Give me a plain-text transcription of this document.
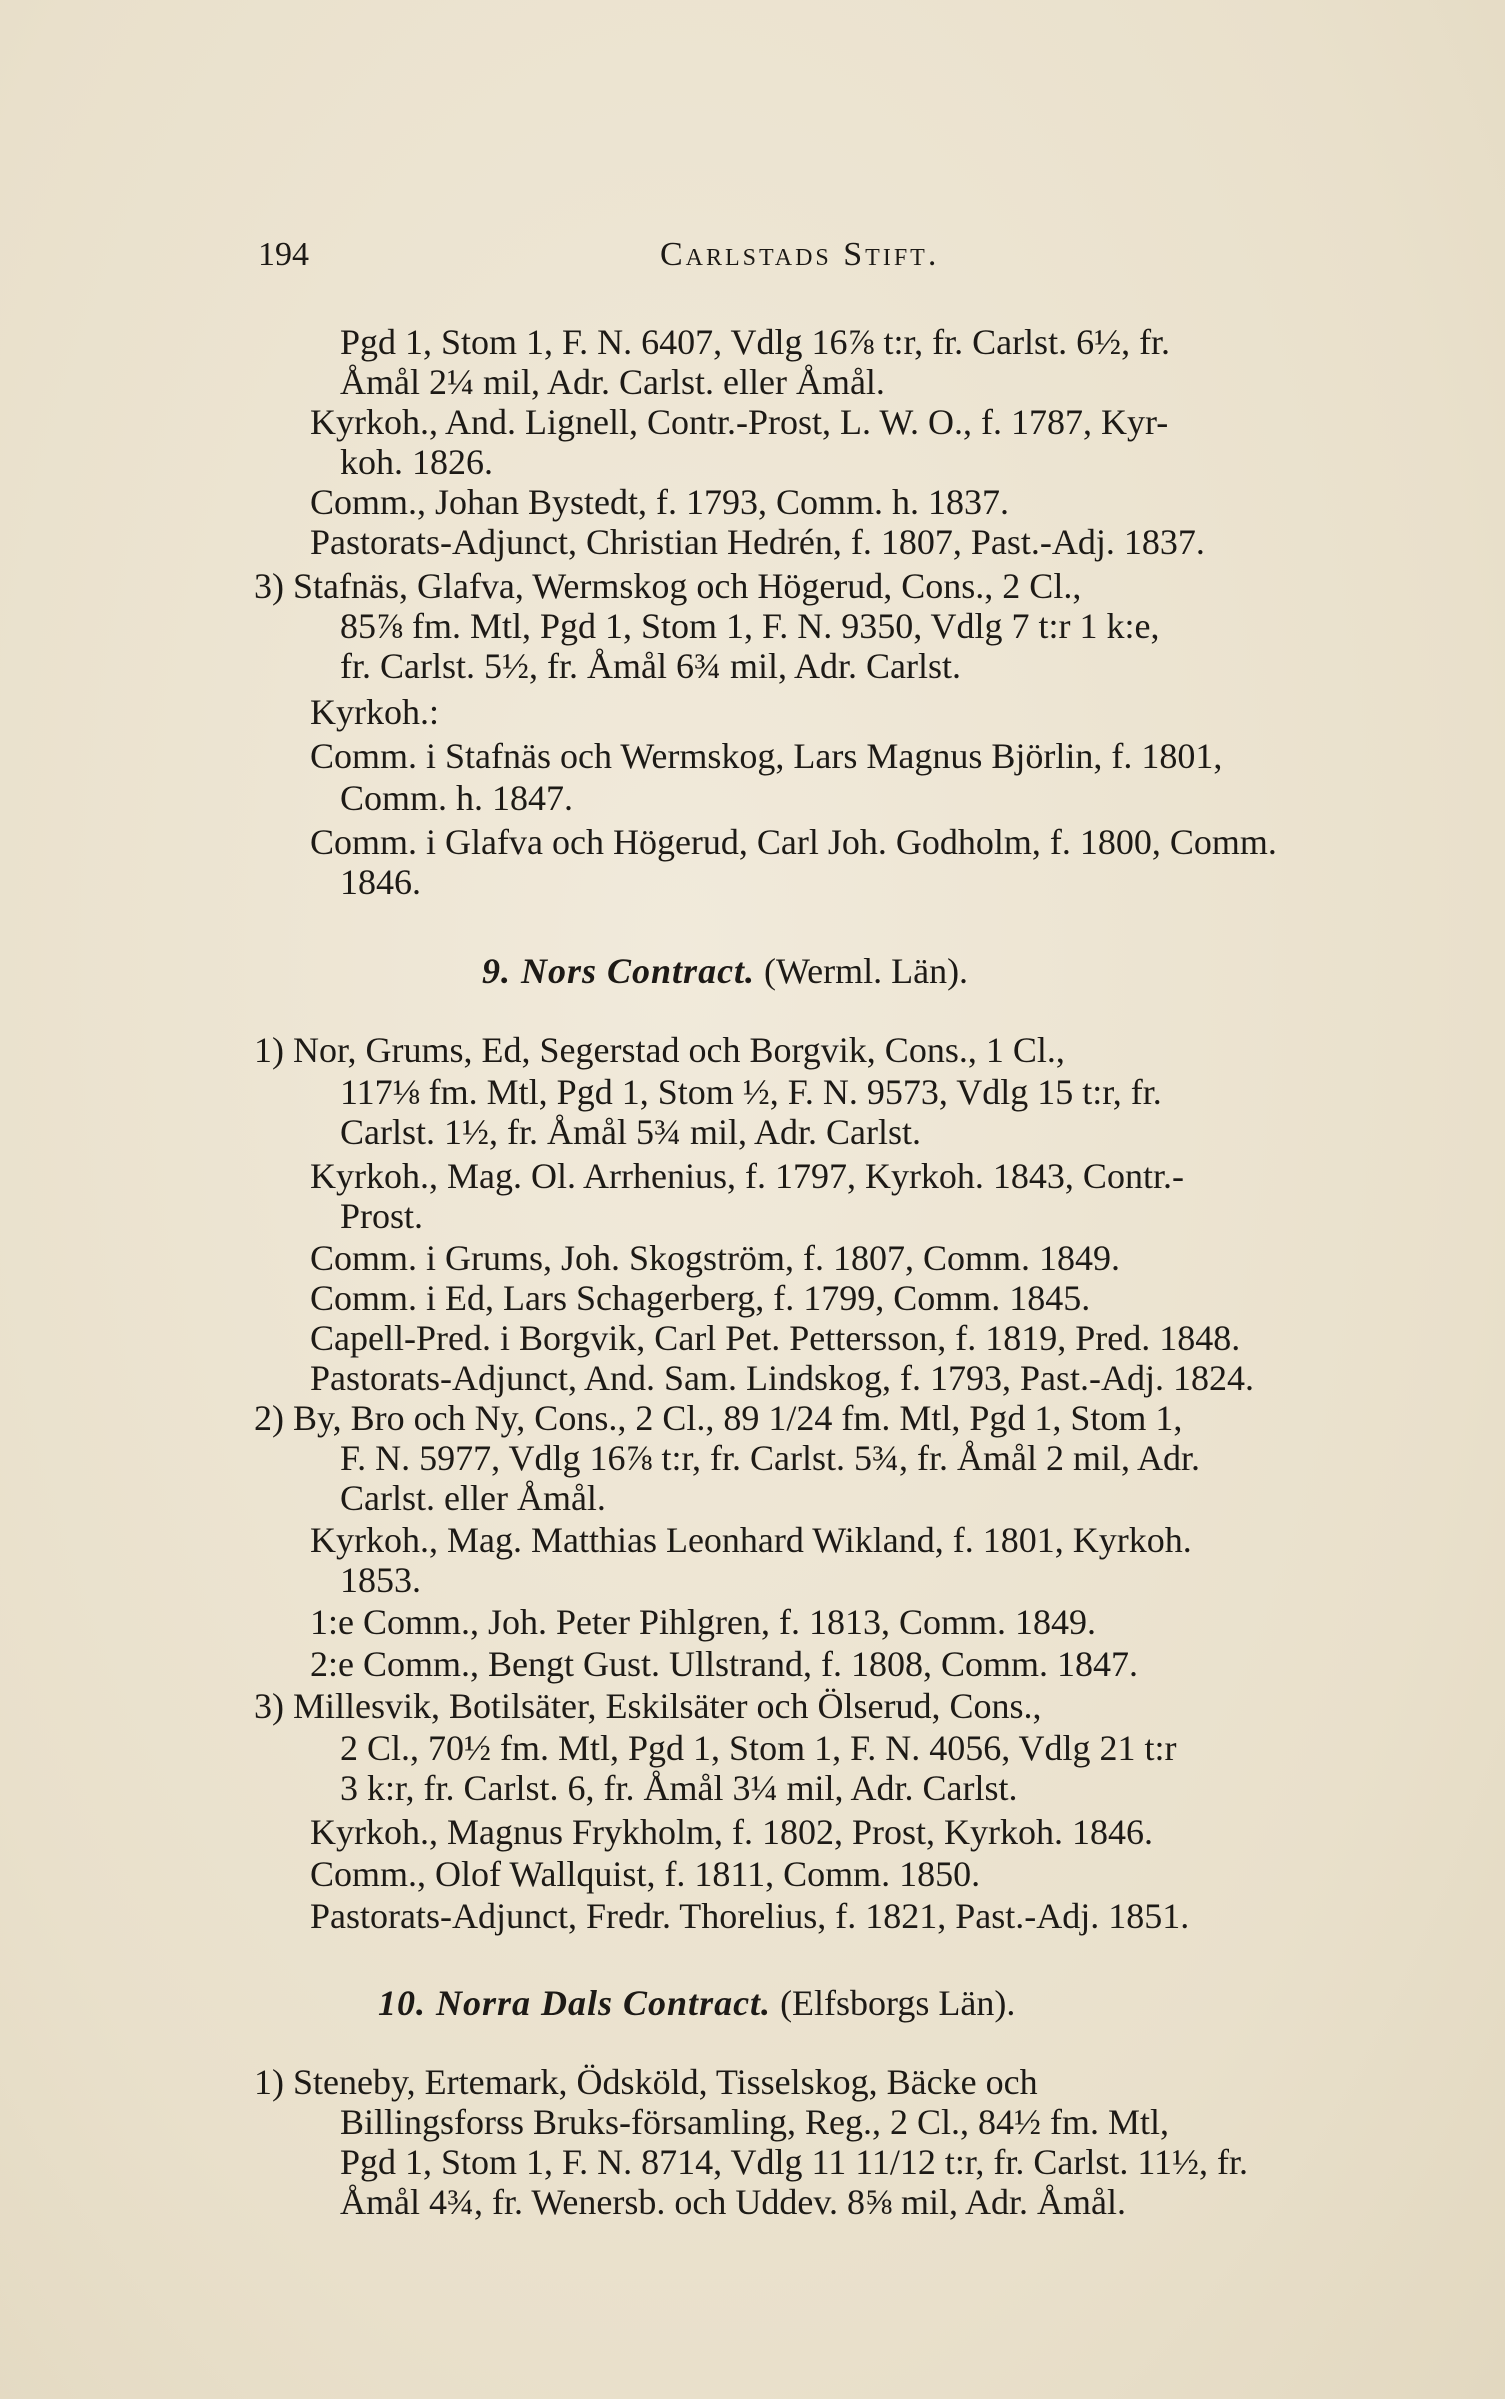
194	Carlstads Stift.
Pgd 1, Stom 1, F. N. 6407, Vdlg 16⅞ t:r, fr. Carlst. 6½, fr.
Åmål 2¼ mil, Adr. Carlst. eller Åmål.
Kyrkoh., And. Lignell, Contr.-Prost, L. W. O., f. 1787, Kyr-
koh. 1826.
Comm., Johan Bystedt, f. 1793, Comm. h. 1837.
Pastorats-Adjunct, Christian Hedrén, f. 1807, Past.-Adj. 1837.
3) Stafnäs, Glafva, Wermskog och Högerud, Cons., 2 Cl.,
85⅞ fm. Mtl, Pgd 1, Stom 1, F. N. 9350, Vdlg 7 t:r 1 k:e,
fr. Carlst. 5½, fr. Åmål 6¾ mil, Adr. Carlst.
Kyrkoh.:
Comm. i Stafnäs och Wermskog, Lars Magnus Björlin, f. 1801,
Comm. h. 1847.
Comm. i Glafva och Högerud, Carl Joh. Godholm, f. 1800, Comm.
1846.
9. Nors Contract. (Werml. Län).
1) Nor, Grums, Ed, Segerstad och Borgvik, Cons., 1 Cl.,
117⅛ fm. Mtl, Pgd 1, Stom ½, F. N. 9573, Vdlg 15 t:r, fr.
Carlst. 1½, fr. Åmål 5¾ mil, Adr. Carlst.
Kyrkoh., Mag. Ol. Arrhenius, f. 1797, Kyrkoh. 1843, Contr.-
Prost.
Comm. i Grums, Joh. Skogström, f. 1807, Comm. 1849.
Comm. i Ed, Lars Schagerberg, f. 1799, Comm. 1845.
Capell-Pred. i Borgvik, Carl Pet. Pettersson, f. 1819, Pred. 1848.
Pastorats-Adjunct, And. Sam. Lindskog, f. 1793, Past.-Adj. 1824.
2) By, Bro och Ny, Cons., 2 Cl., 89 1/24 fm. Mtl, Pgd 1, Stom 1,
F. N. 5977, Vdlg 16⅞ t:r, fr. Carlst. 5¾, fr. Åmål 2 mil, Adr.
Carlst. eller Åmål.
Kyrkoh., Mag. Matthias Leonhard Wikland, f. 1801, Kyrkoh.
1853.
1:e Comm., Joh. Peter Pihlgren, f. 1813, Comm. 1849.
2:e Comm., Bengt Gust. Ullstrand, f. 1808, Comm. 1847.
3) Millesvik, Botilsäter, Eskilsäter och Ölserud, Cons.,
2 Cl., 70½ fm. Mtl, Pgd 1, Stom 1, F. N. 4056, Vdlg 21 t:r
3 k:r, fr. Carlst. 6, fr. Åmål 3¼ mil, Adr. Carlst.
Kyrkoh., Magnus Frykholm, f. 1802, Prost, Kyrkoh. 1846.
Comm., Olof Wallquist, f. 1811, Comm. 1850.
Pastorats-Adjunct, Fredr. Thorelius, f. 1821, Past.-Adj. 1851.
10. Norra Dals Contract. (Elfsborgs Län).
1) Steneby, Ertemark, Ödsköld, Tisselskog, Bäcke och
Billingsforss Bruks-församling, Reg., 2 Cl., 84½ fm. Mtl,
Pgd 1, Stom 1, F. N. 8714, Vdlg 11 11/12 t:r, fr. Carlst. 11½, fr.
Åmål 4¾, fr. Wenersb. och Uddev. 8⅝ mil, Adr. Åmål.
